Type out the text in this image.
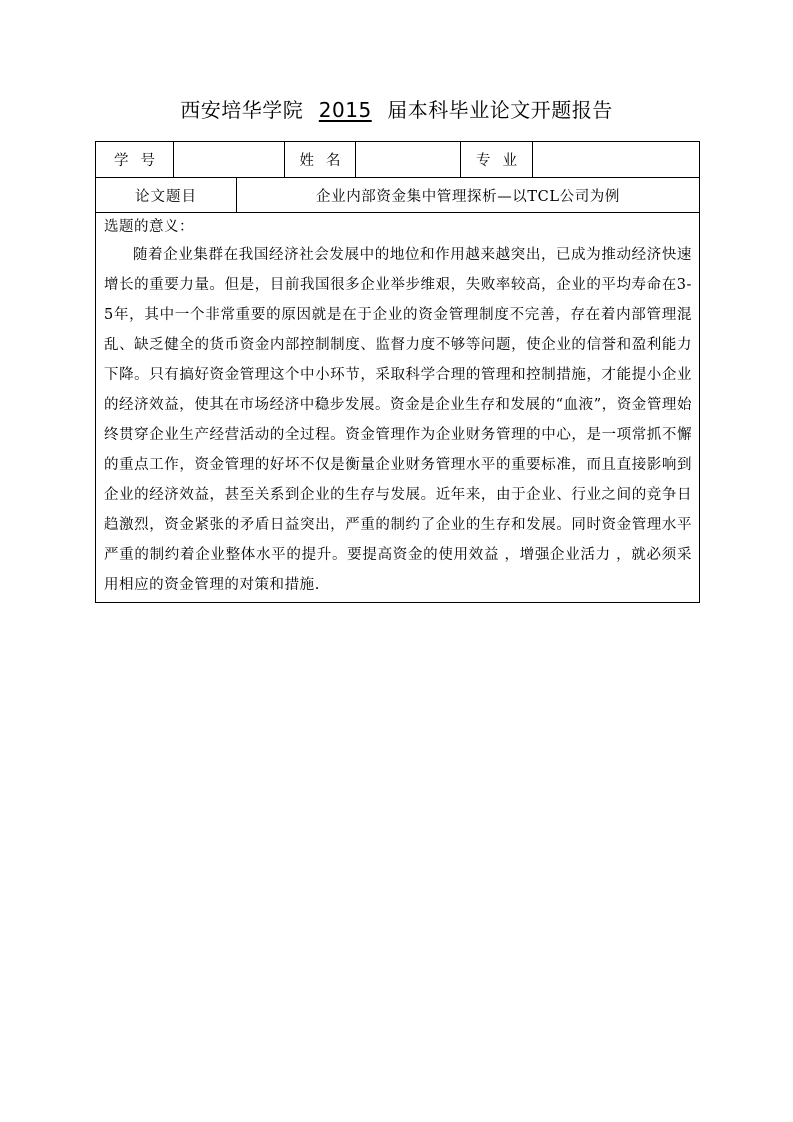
西安培华学院 2015 届本科毕业论文开题报告
学号			姓名		专业	
论文题目		企业内部资金集中管理探析—以TCL公司为例				

选题的意义：

随着企业集群在我国经济社会发展中的地位和作用越来越突出，已成为推动经济快速增长的重要力量。但是，目前我国很多企业举步维艰，失败率较高，企业的平均寿命在3-5年，其中一个非常重要的原因就是在于企业的资金管理制度不完善，存在着内部管理混乱、缺乏健全的货币资金内部控制制度、监督力度不够等问题，使企业的信誉和盈利能力下降。只有搞好资金管理这个中小环节，采取科学合理的管理和控制措施，才能提小企业的经济效益，使其在市场经济中稳步发展。资金是企业生存和发展的“血液”，资金管理始终贯穿企业生产经营活动的全过程。资金管理作为企业财务管理的中心，是一项常抓不懈的重点工作，资金管理的好坏不仅是衡量企业财务管理水平的重要标准，而且直接影响到企业的经济效益，甚至关系到企业的生存与发展。近年来，由于企业、行业之间的竞争日趋激烈，资金紧张的矛盾日益突出，严重的制约了企业的生存和发展。同时资金管理水平严重的制约着企业整体水平的提升。要提高资金的使用效益 ，增强企业活力 ，就必须采用相应的资金管理的对策和措施.						
